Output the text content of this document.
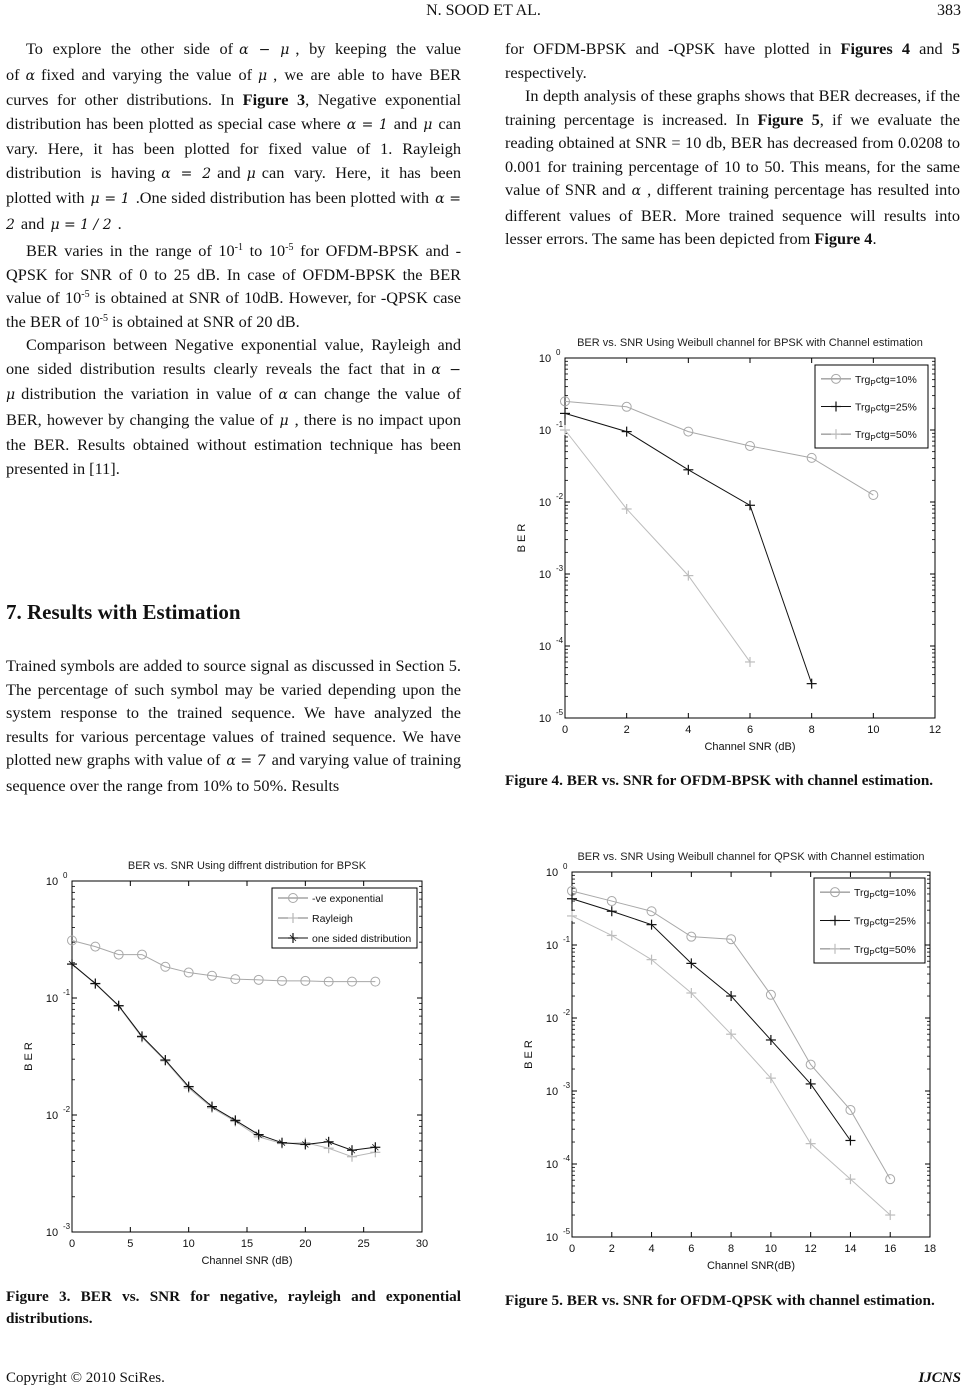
N. SOOD ET AL.	383

To explore the other side of α − μ , by keeping the value of α fixed and varying the value of μ , we are able to have BER curves for other distributions. In Figure 3, Negative exponential distribution has been plotted as special case where α = 1 and μ can vary. Here, it has been plotted for fixed value of 1. Rayleigh distribution is having α = 2 and μ can vary. Here, it has been plotted with μ = 1 .One sided distribution has been plotted with α = 2 and μ = 1 / 2 .

BER varies in the range of $10^{-1}$ to $10^{-5}$ for OFDM-BPSK and -QPSK for SNR of 0 to 25 dB. In case of OFDM-BPSK the BER value of $10^{-5}$ is obtained at SNR of 10dB. However, for -QPSK case the BER of $10^{-5}$ is obtained at SNR of 20 dB.

Comparison between Negative exponential value, Rayleigh and one sided distribution results clearly reveals the fact that in α − μ distribution the variation in value of α can change the value of BER, however by changing the value of μ , there is no impact upon the BER. Results obtained without estimation technique has been presented in [11].

7. Results with Estimation

Trained symbols are added to source signal as discussed in Section 5. The percentage of such symbol may be varied depending upon the system response to the trained sequence. We have analyzed the results for various percentage values of trained sequence. We have plotted new graphs with value of α = 7 and varying value of training sequence over the range from 10% to 50%. Results

for OFDM-BPSK and -QPSK have plotted in Figures 4 and 5 respectively.

In depth analysis of these graphs shows that BER decreases, if the training percentage is increased. In Figure 5, if we evaluate the reading obtained at SNR = 10 db, BER has decreased from 0.0208 to 0.001 for training percentage of 10 to 50. This means, for the same value of SNR and α , different training percentage has resulted into different values of BER. More trained sequence will results into lesser errors. The same has been depicted from Figure 4.

BER vs. SNR Using diffrent distribution for BPSK
0	5	10	15	20	25	30
10
-3
10
-2
10
-1
10
0
Channel SNR (dB)
B E R
-ve exponential
Rayleigh
one sided distribution
BER vs. SNR Using Weibull channel for BPSK with Channel estimation
0	2	4	6	8	10	12
10
-5
10
-4
10
-3
10
-2
10
-1
10
0
Channel SNR (dB)
B E R
Trg$_P$ctg=10%
Trg$_P$ctg=25%
Trg$_P$ctg=50%
BER vs. SNR Using Weibull channel for QPSK with Channel estimation
0	2	4	6	8	10	12	14	16	18
10
-5
10
-4
10
-3
10
-2
10
-1
10
0
Channel SNR(dB)
B E R
Trg$_P$ctg=10%
Trg$_P$ctg=25%
Trg$_P$ctg=50%
Figure 3. BER vs. SNR for negative, rayleigh and exponential distributions.
Figure 4. BER vs. SNR for OFDM-BPSK with channel estimation.
Figure 5. BER vs. SNR for OFDM-QPSK with channel estimation.
Copyright © 2010 SciRes.	IJCNS
